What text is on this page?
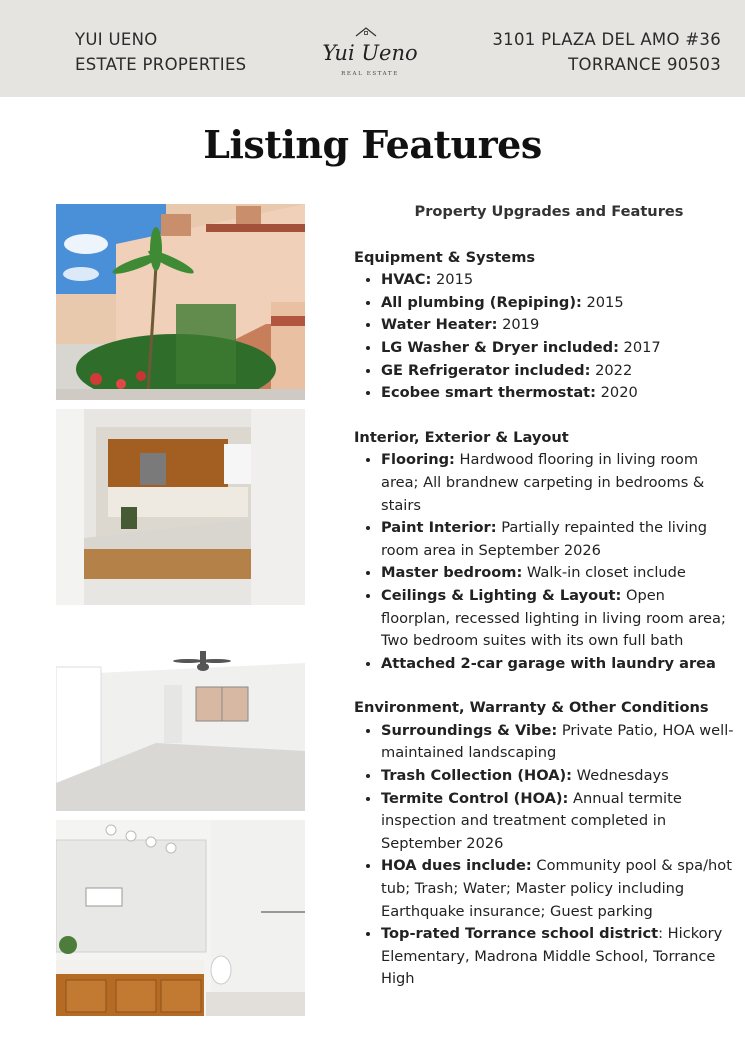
YUI UENO
ESTATE PROPERTIES	Yui Ueno
REAL ESTATE
3101 PLAZA DEL AMO #36
TORRANCE 90503
Listing Features
Property Upgrades and Features
Equipment & Systems
• HVAC: 2015
• All plumbing (Repiping): 2015
• Water Heater: 2019
• LG Washer & Dryer included: 2017
• GE Refrigerator included: 2022
• Ecobee smart thermostat: 2020
Interior, Exterior & Layout
• Flooring: Hardwood flooring in living room area; All brandnew carpeting in bedrooms & stairs
• Paint Interior: Partially repainted the living room area in September 2026
• Master bedroom: Walk-in closet include
• Ceilings & Lighting & Layout: Open floorplan, recessed lighting in living room area; Two bedroom suites with its own full bath
• Attached 2-car garage with laundry area
Environment, Warranty & Other Conditions
• Surroundings & Vibe: Private Patio, HOA well-maintained landscaping
• Trash Collection (HOA): Wednesdays
• Termite Control (HOA): Annual termite inspection and treatment completed in September 2026
• HOA dues include: Community pool & spa/hot tub; Trash; Water; Master policy including Earthquake insurance; Guest parking
• Top-rated Torrance school district: Hickory Elementary, Madrona Middle School, Torrance High
